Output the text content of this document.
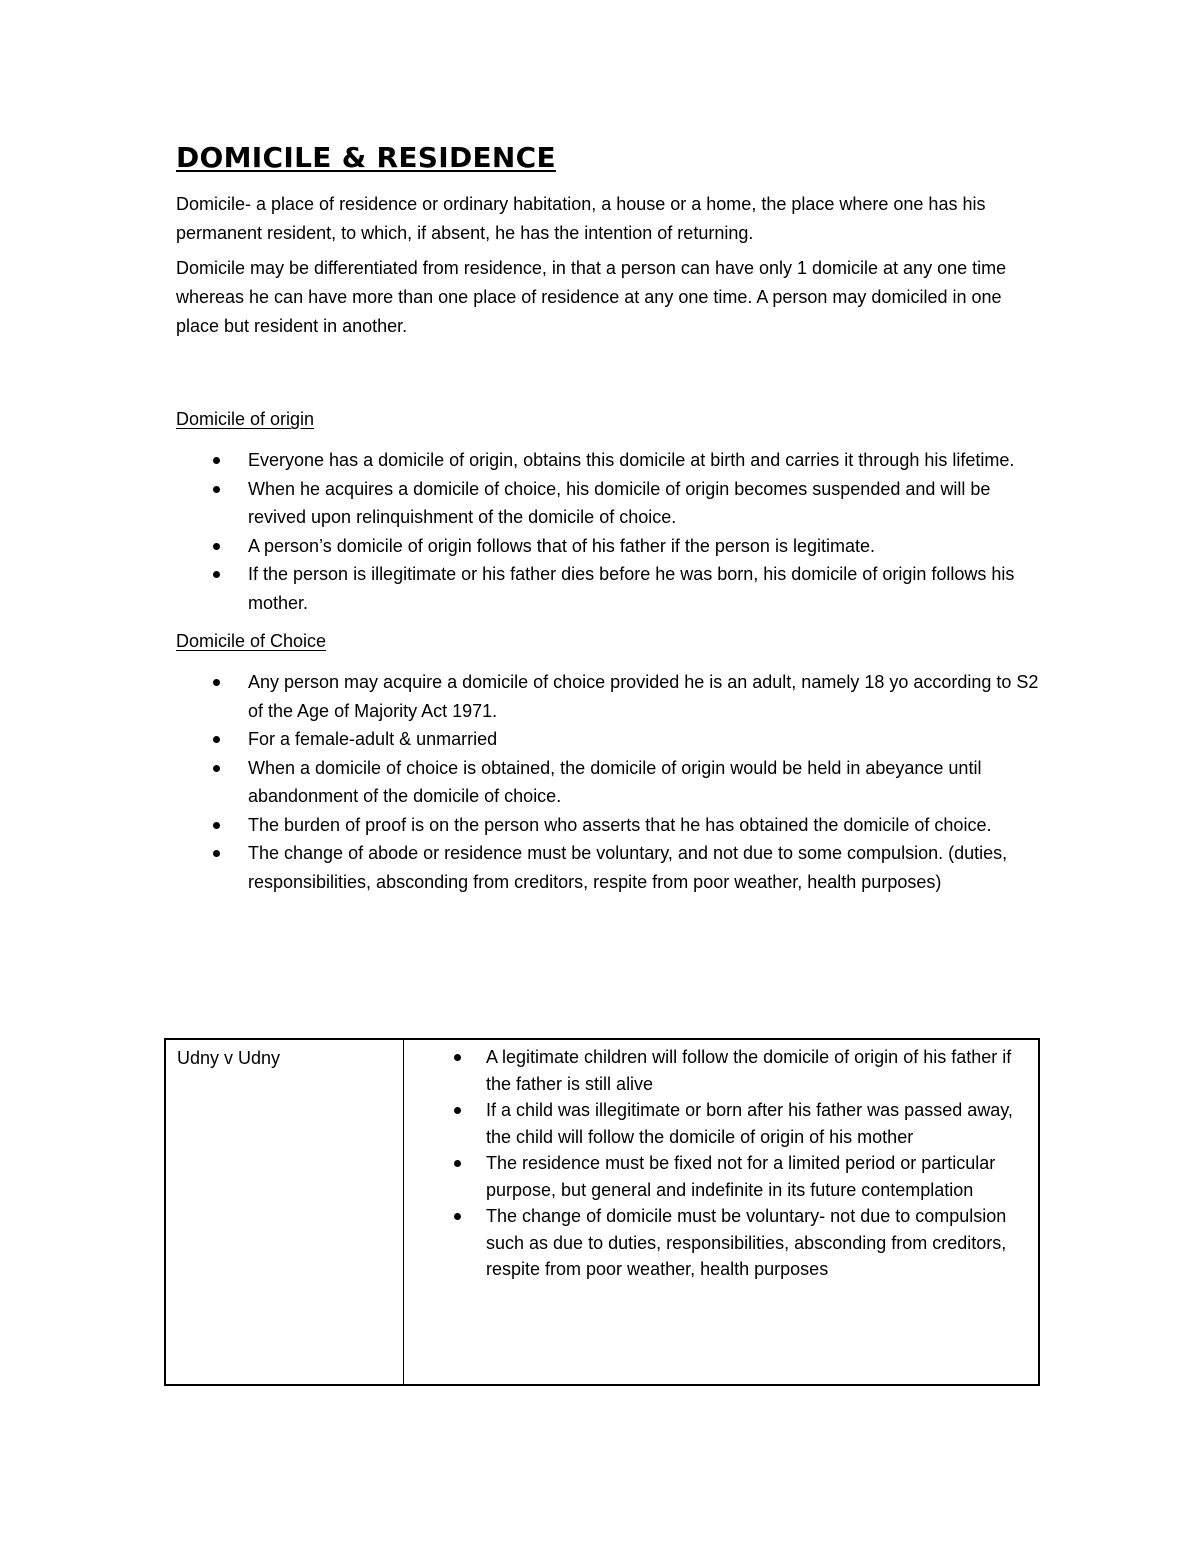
DOMICILE & RESIDENCE

Domicile- a place of residence or ordinary habitation, a house or a home, the place where one has his permanent resident, to which, if absent, he has the intention of returning.

Domicile may be differentiated from residence, in that a person can have only 1 domicile at any one time whereas he can have more than one place of residence at any one time. A person may domiciled in one place but resident in another.

Domicile of origin
Everyone has a domicile of origin, obtains this domicile at birth and carries it through his lifetime.
When he acquires a domicile of choice, his domicile of origin becomes suspended and will be revived upon relinquishment of the domicile of choice.
A person’s domicile of origin follows that of his father if the person is legitimate.
If the person is illegitimate or his father dies before he was born, his domicile of origin follows his mother.
Domicile of Choice
Any person may acquire a domicile of choice provided he is an adult, namely 18 yo according to S2 of the Age of Majority Act 1971.
For a female-adult & unmarried
When a domicile of choice is obtained, the domicile of origin would be held in abeyance until abandonment of the domicile of choice.
The burden of proof is on the person who asserts that he has obtained the domicile of choice.
The change of abode or residence must be voluntary, and not due to some compulsion. (duties, responsibilities, absconding from creditors, respite from poor weather, health purposes)
Udny v Udny	A legitimate children will follow the domicile of origin of his father if the father is still alive
If a child was illegitimate or born after his father was passed away, the child will follow the domicile of origin of his mother
The residence must be fixed not for a limited period or particular purpose, but general and indefinite in its future contemplation
The change of domicile must be voluntary- not due to compulsion such as due to duties, responsibilities, absconding from creditors, respite from poor weather, health purposes
